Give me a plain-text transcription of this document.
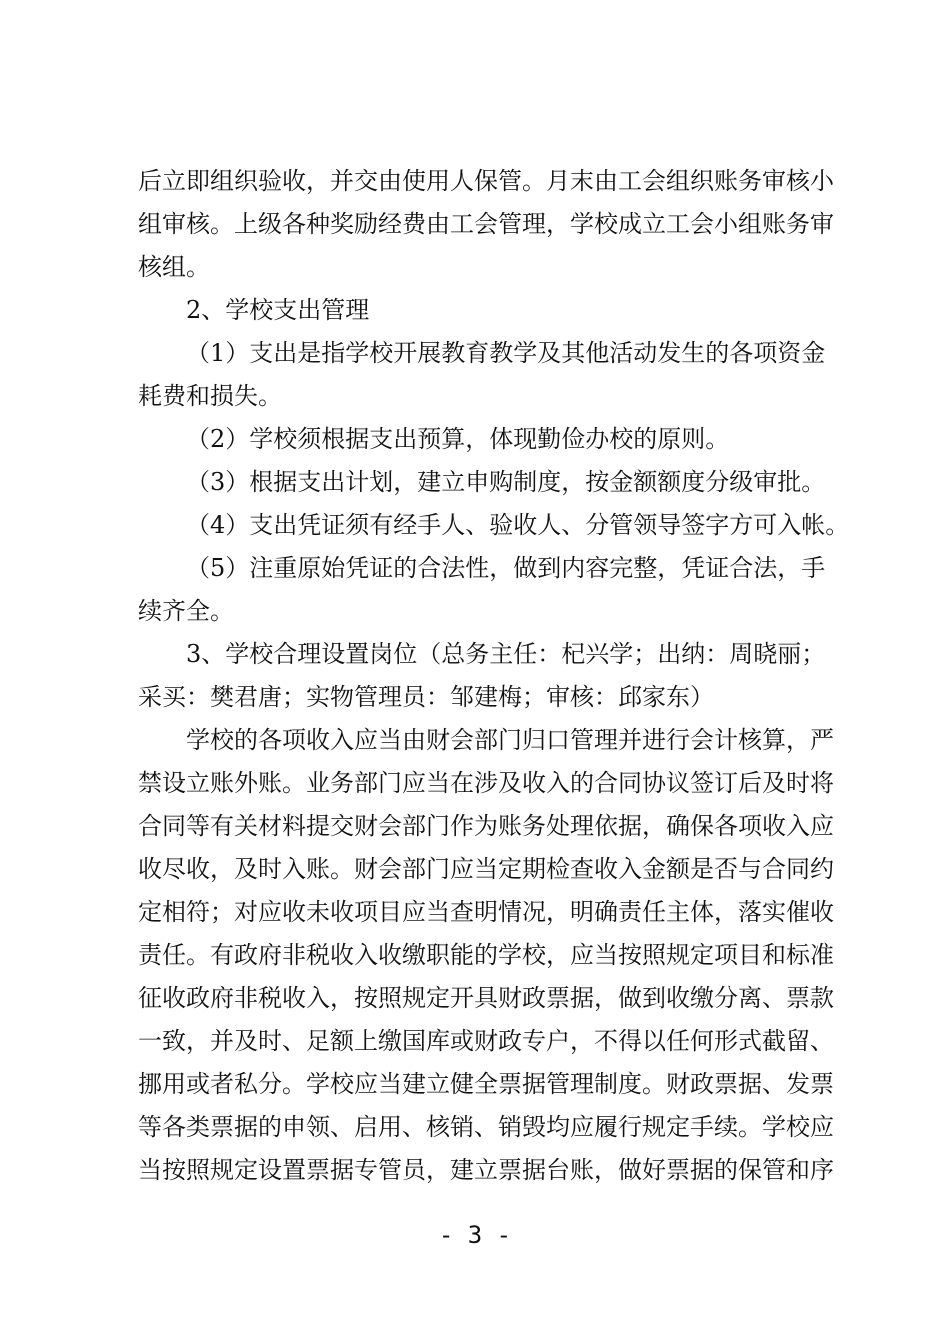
后立即组织验收，并交由使用人保管。月末由工会组织账务审核小
组审核。上级各种奖励经费由工会管理，学校成立工会小组账务审
核组。
2、学校支出管理
（1）支出是指学校开展教育教学及其他活动发生的各项资金
耗费和损失。
（2）学校须根据支出预算，体现勤俭办校的原则。
（3）根据支出计划，建立申购制度，按金额额度分级审批。
（4）支出凭证须有经手人、验收人、分管领导签字方可入帐。
（5）注重原始凭证的合法性，做到内容完整，凭证合法，手
续齐全。
3、学校合理设置岗位（总务主任：杞兴学；出纳：周晓丽；
采买：樊君唐；实物管理员：邹建梅；审核：邱家东）
学校的各项收入应当由财会部门归口管理并进行会计核算，严
禁设立账外账。业务部门应当在涉及收入的合同协议签订后及时将
合同等有关材料提交财会部门作为账务处理依据，确保各项收入应
收尽收，及时入账。财会部门应当定期检查收入金额是否与合同约
定相符；对应收未收项目应当查明情况，明确责任主体，落实催收
责任。有政府非税收入收缴职能的学校，应当按照规定项目和标准
征收政府非税收入，按照规定开具财政票据，做到收缴分离、票款
一致，并及时、足额上缴国库或财政专户，不得以任何形式截留、
挪用或者私分。学校应当建立健全票据管理制度。财政票据、发票
等各类票据的申领、启用、核销、销毁均应履行规定手续。学校应
当按照规定设置票据专管员，建立票据台账，做好票据的保管和序
- 3 -
